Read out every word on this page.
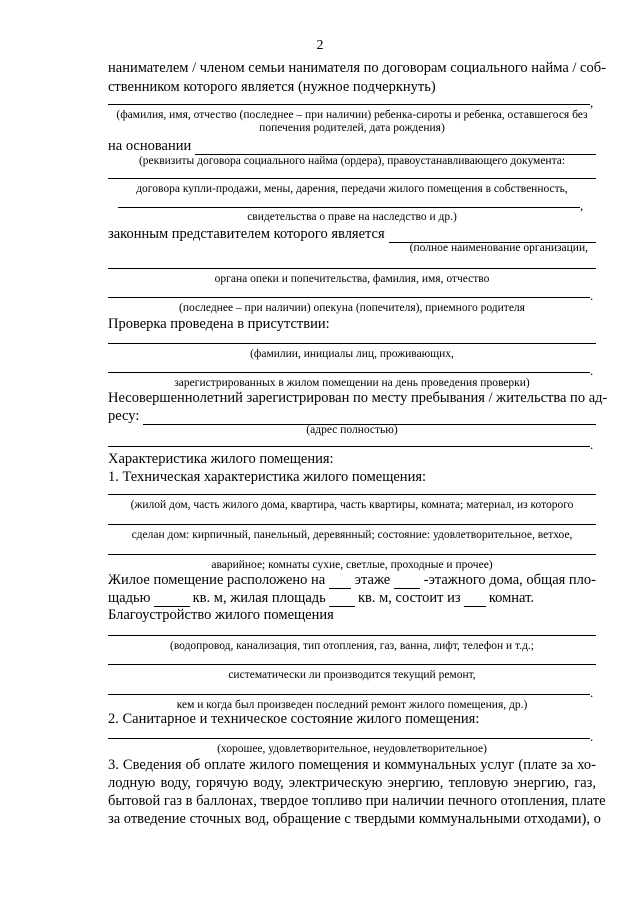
2
нанимателем / членом семьи нанимателя по договорам социального найма / соб-
ственником которого является (нужное подчеркнуть)
,
(фамилия, имя, отчество (последнее – при наличии) ребенка-сироты и ребенка, оставшегося без
попечения родителей, дата рождения)
на основании
(реквизиты договора социального найма (ордера), правоустанавливающего документа:
договора купли-продажи, мены, дарения, передачи жилого помещения в собственность,
,
свидетельства о праве на наследство и др.)
законным представителем которого является
(полное наименование организации,
органа опеки и попечительства, фамилия, имя, отчество
.
(последнее – при наличии) опекуна (попечителя), приемного родителя
Проверка проведена в присутствии:
(фамилии, инициалы лиц, проживающих,
.
зарегистрированных в жилом помещении на день проведения проверки)
Несовершеннолетний зарегистрирован по месту пребывания / жительства по ад-
ресу:
(адрес полностью)
.
Характеристика жилого помещения:
1. Техническая характеристика жилого помещения:
(жилой дом, часть жилого дома, квартира, часть квартиры, комната; материал, из которого
сделан дом: кирпичный, панельный, деревянный; состояние: удовлетворительное, ветхое,
аварийное; комнаты сухие, светлые, проходные и прочее)
Жилое помещение расположено на этаже -этажного дома, общая пло-
щадью	кв. м, жилая площадь кв. м, состоит из комнат.
Благоустройство жилого помещения
(водопровод, канализация, тип отопления, газ, ванна, лифт, телефон и т.д.;
систематически ли производится текущий ремонт,
.
кем и когда был произведен последний ремонт жилого помещения, др.)
2. Санитарное и техническое состояние жилого помещения:
.
(хорошее, удовлетворительное, неудовлетворительное)
3. Сведения об оплате жилого помещения и коммунальных услуг (плате за хо-
лодную воду, горячую воду, электрическую энергию, тепловую энергию, газ,
бытовой газ в баллонах, твердое топливо при наличии печного отопления, плате
за отведение сточных вод, обращение с твердыми коммунальными отходами), о
